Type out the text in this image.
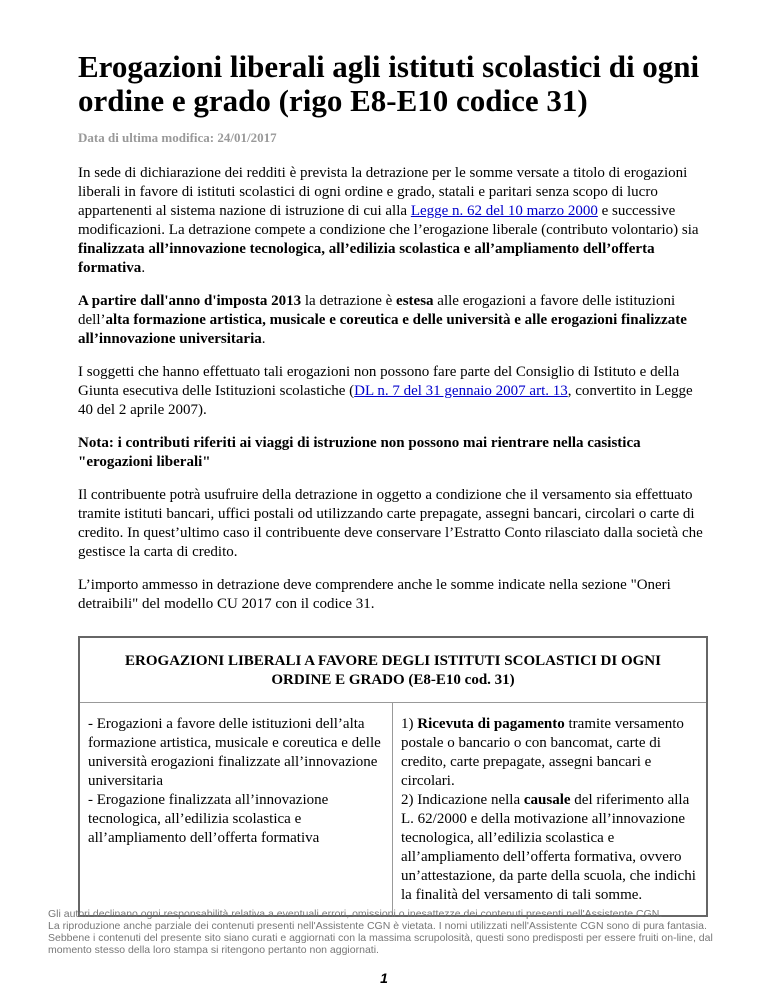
Erogazioni liberali agli istituti scolastici di ogni ordine e grado (rigo E8-E10 codice 31)
Data di ultima modifica: 24/01/2017

In sede di dichiarazione dei redditi è prevista la detrazione per le somme versate a titolo di erogazioni liberali in favore di istituti scolastici di ogni ordine e grado, statali e paritari senza scopo di lucro appartenenti al sistema nazione di istruzione di cui alla Legge n. 62 del 10 marzo 2000 e successive modificazioni. La detrazione compete a condizione che l’erogazione liberale (contributo volontario) sia finalizzata all’innovazione tecnologica, all’edilizia scolastica e all’ampliamento dell’offerta formativa.

A partire dall'anno d'imposta 2013 la detrazione è estesa alle erogazioni a favore delle istituzioni dell’alta formazione artistica, musicale e coreutica e delle università e alle erogazioni finalizzate all’innovazione universitaria.

I soggetti che hanno effettuato tali erogazioni non possono fare parte del Consiglio di Istituto e della Giunta esecutiva delle Istituzioni scolastiche (DL n. 7 del 31 gennaio 2007 art. 13, convertito in Legge 40 del 2 aprile 2007).

Nota: i contributi riferiti ai viaggi di istruzione non possono mai rientrare nella casistica "erogazioni liberali"

Il contribuente potrà usufruire della detrazione in oggetto a condizione che il versamento sia effettuato tramite istituti bancari, uffici postali od utilizzando carte prepagate, assegni bancari, circolari o carte di credito. In quest’ultimo caso il contribuente deve conservare l’Estratto Conto rilasciato dalla società che gestisce la carta di credito.

L’importo ammesso in detrazione deve comprendere anche le somme indicate nella sezione "Oneri detraibili" del modello CU 2017 con il codice 31.

EROGAZIONI LIBERALI A FAVORE DEGLI ISTITUTI SCOLASTICI DI OGNI ORDINE E GRADO (E8-E10 cod. 31)
- Erogazioni a favore delle istituzioni dell’alta formazione artistica, musicale e coreutica e delle università erogazioni finalizzate all’innovazione universitaria
- Erogazione finalizzata all’innovazione tecnologica, all’edilizia scolastica e all’ampliamento dell’offerta formativa
1) Ricevuta di pagamento tramite versamento postale o bancario o con bancomat, carte di credito, carte prepagate, assegni bancari e circolari.
2) Indicazione nella causale del riferimento alla L. 62/2000 e della motivazione all’innovazione tecnologica, all’edilizia scolastica e all’ampliamento dell’offerta formativa, ovvero un’attestazione, da parte della scuola, che indichi la finalità del versamento di tali somme.
Gli autori declinano ogni responsabilità relativa a eventuali errori, omissioni o inesattezze dei contenuti presenti nell'Assistente CGN.
La riproduzione anche parziale dei contenuti presenti nell'Assistente CGN è vietata. I nomi utilizzati nell'Assistente CGN sono di pura fantasia.
Sebbene i contenuti del presente sito siano curati e aggiornati con la massima scrupolosità, questi sono predisposti per essere fruiti on-line, dal momento stesso della loro stampa si ritengono pertanto non aggiornati.
1
